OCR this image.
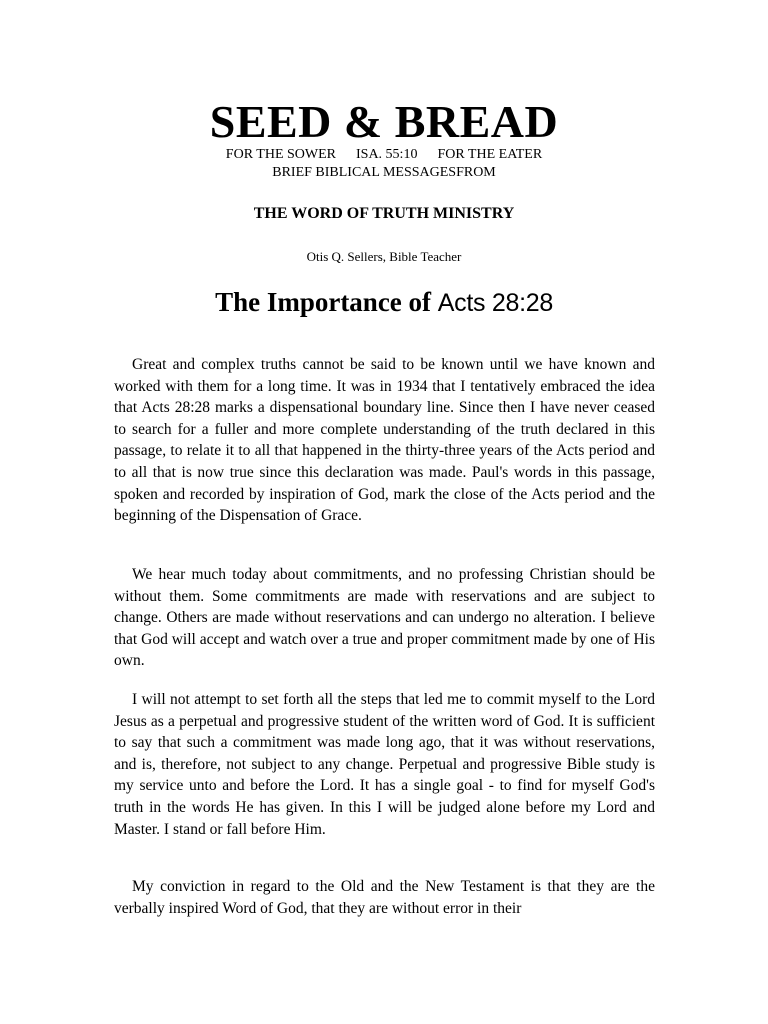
SEED & BREAD
FOR THE SOWER ISA. 55:10 FOR THE EATER
BRIEF BIBLICAL MESSAGESFROM
THE WORD OF TRUTH MINISTRY
Otis Q. Sellers, Bible Teacher
The Importance of Acts 28:28

Great and complex truths cannot be said to be known until we have known and worked with them for a long time. It was in 1934 that I tentatively embraced the idea that Acts 28:28 marks a dispensational boundary line. Since then I have never ceased to search for a fuller and more complete understanding of the truth declared in this passage, to relate it to all that happened in the thirty-three years of the Acts period and to all that is now true since this declaration was made. Paul's words in this passage, spoken and recorded by inspiration of God, mark the close of the Acts period and the beginning of the Dispensation of Grace.

We hear much today about commitments, and no professing Christian should be without them. Some commitments are made with reservations and are subject to change. Others are made without reservations and can undergo no alteration. I believe that God will accept and watch over a true and proper commitment made by one of His own.

I will not attempt to set forth all the steps that led me to commit myself to the Lord Jesus as a perpetual and progressive student of the written word of God. It is sufficient to say that such a commitment was made long ago, that it was without reservations, and is, therefore, not subject to any change. Perpetual and progressive Bible study is my service unto and before the Lord. It has a single goal - to find for myself God's truth in the words He has given. In this I will be judged alone before my Lord and Master. I stand or fall before Him.

My conviction in regard to the Old and the New Testament is that they are the verbally inspired Word of God, that they are without error in their
